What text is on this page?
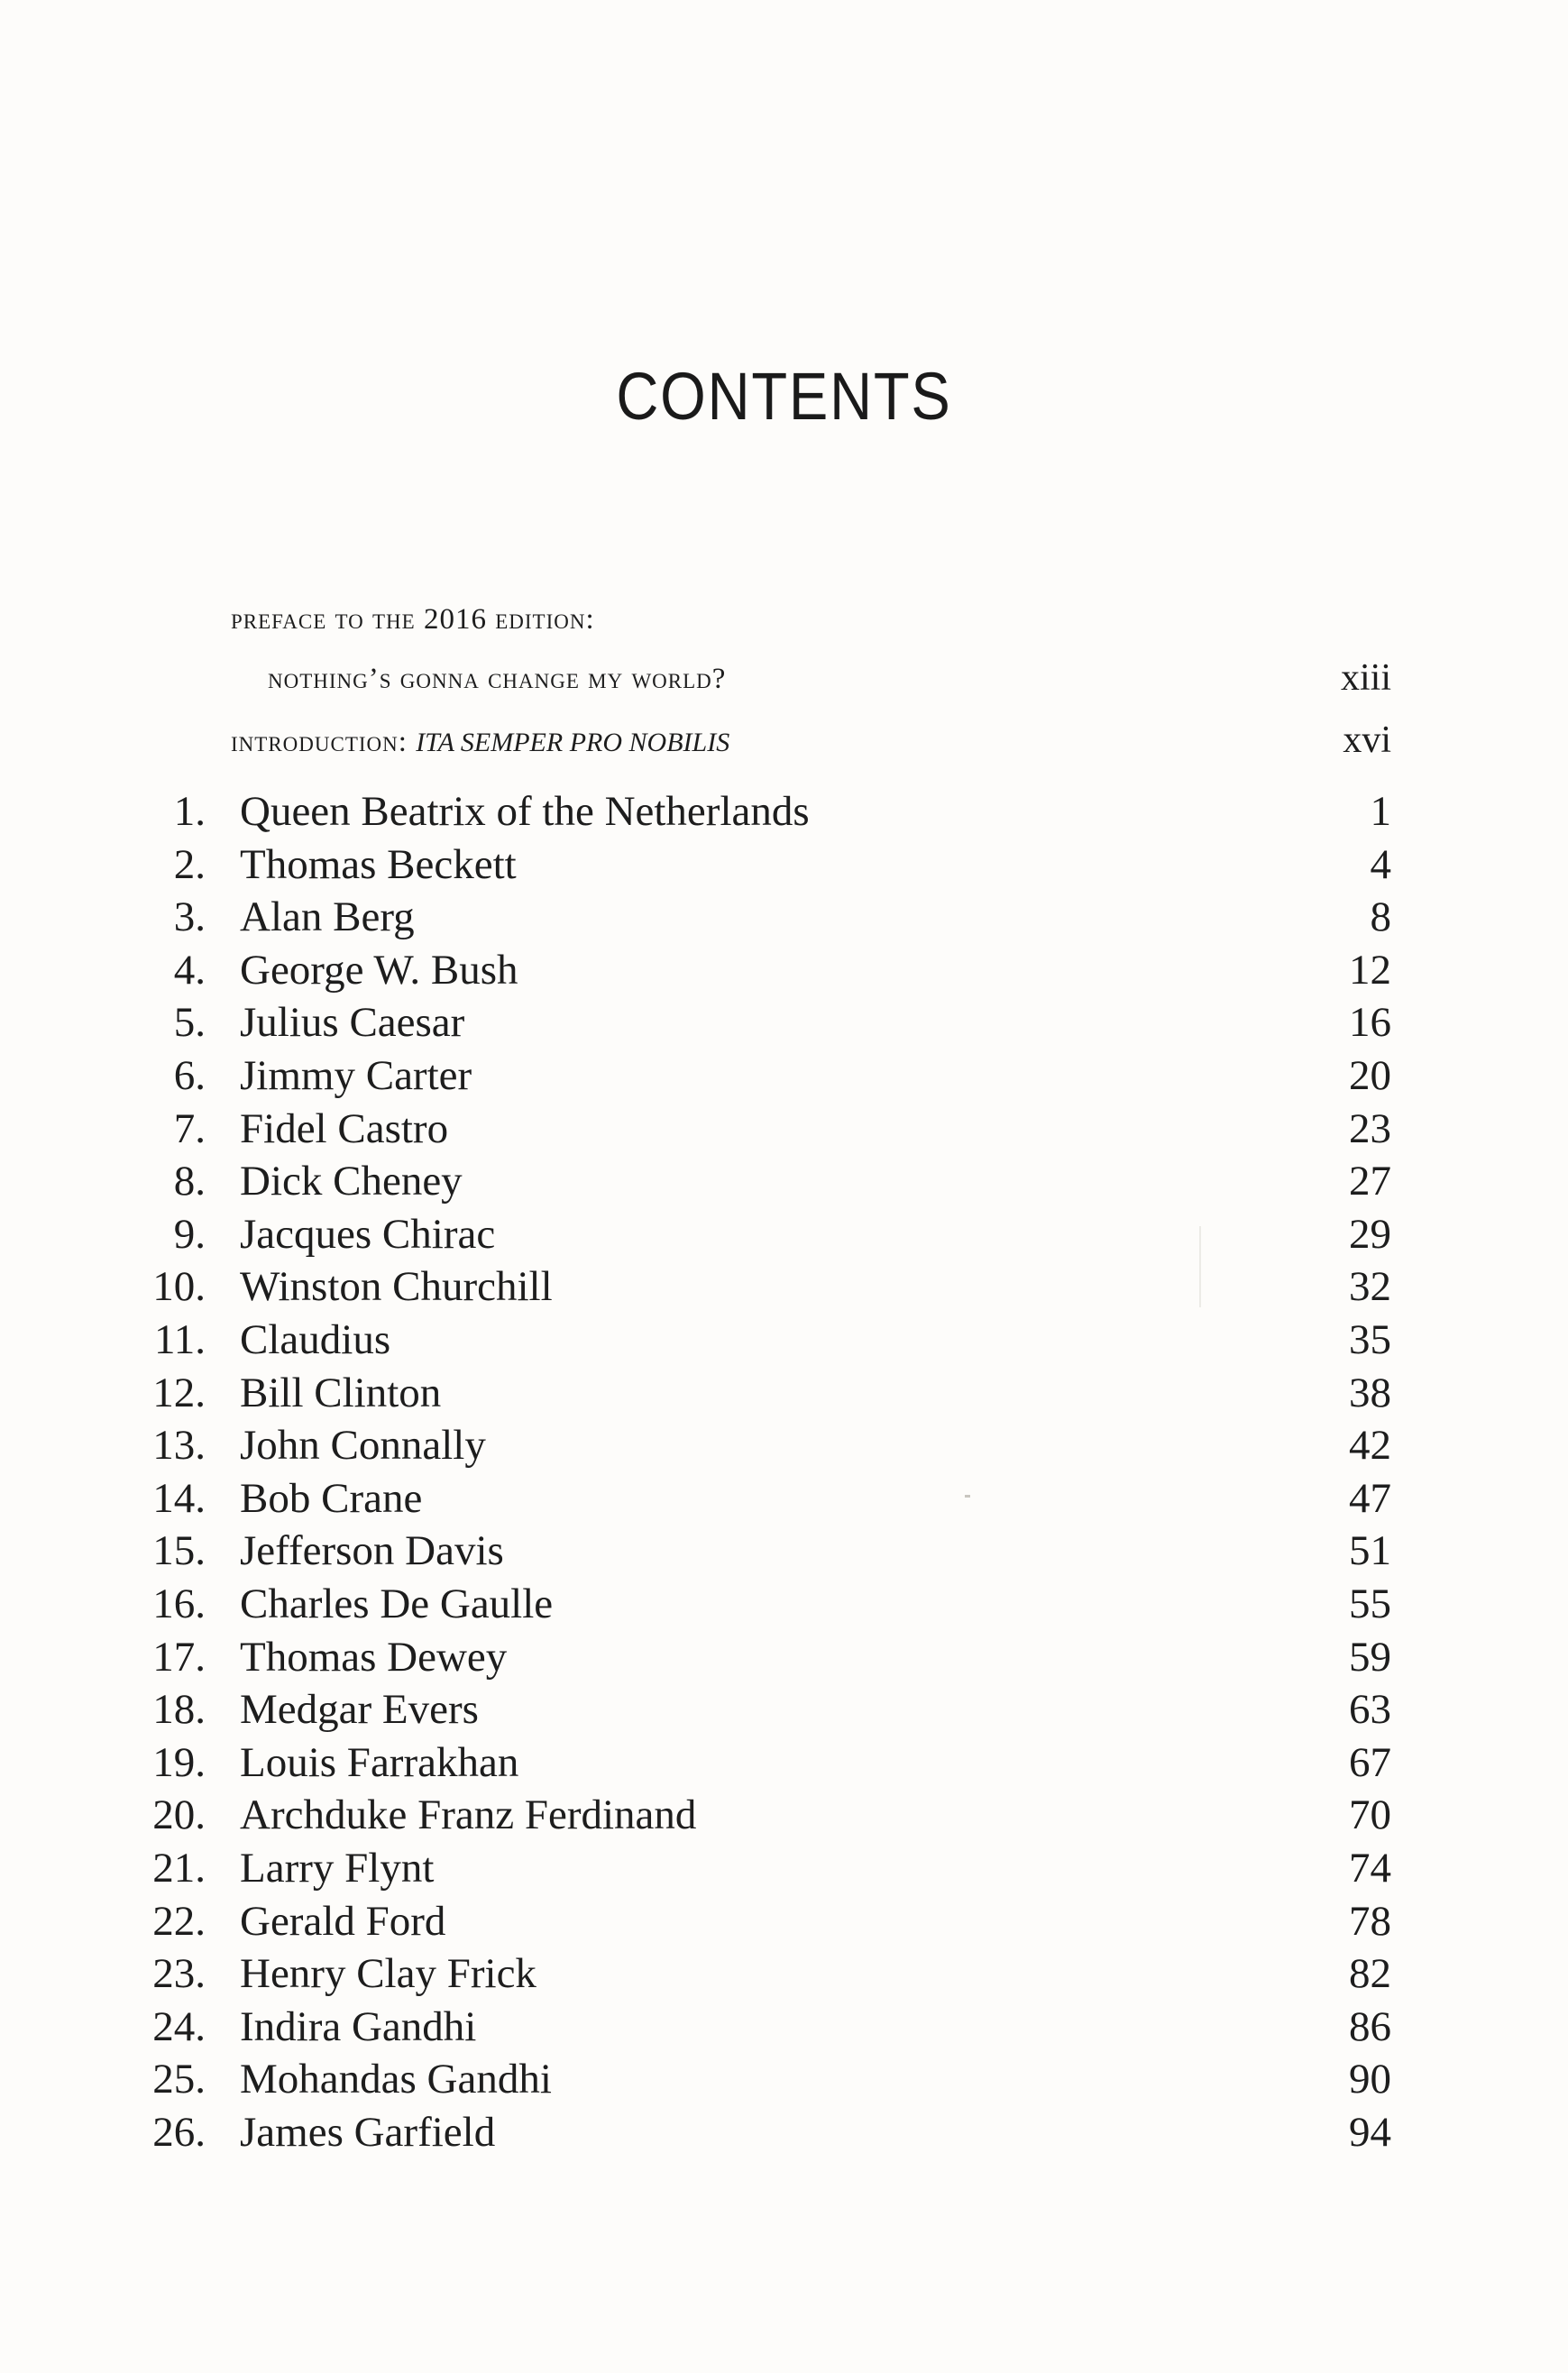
CONTENTS
preface to the 2016 edition:
nothing’s gonna change my world?	xiii
introduction: ITA SEMPER PRO NOBILIS	xvi
1. Queen Beatrix of the Netherlands	1
2. Thomas Beckett	4
3. Alan Berg	8
4. George W. Bush	12
5. Julius Caesar	16
6. Jimmy Carter	20
7. Fidel Castro	23
8. Dick Cheney	27
9. Jacques Chirac	29
10. Winston Churchill	32
11. Claudius	35
12. Bill Clinton	38
13. John Connally	42
14. Bob Crane	47
15. Jefferson Davis	51
16. Charles De Gaulle	55
17. Thomas Dewey	59
18. Medgar Evers	63
19. Louis Farrakhan	67
20. Archduke Franz Ferdinand	70
21. Larry Flynt	74
22. Gerald Ford	78
23. Henry Clay Frick	82
24. Indira Gandhi	86
25. Mohandas Gandhi	90
26. James Garfield	94
